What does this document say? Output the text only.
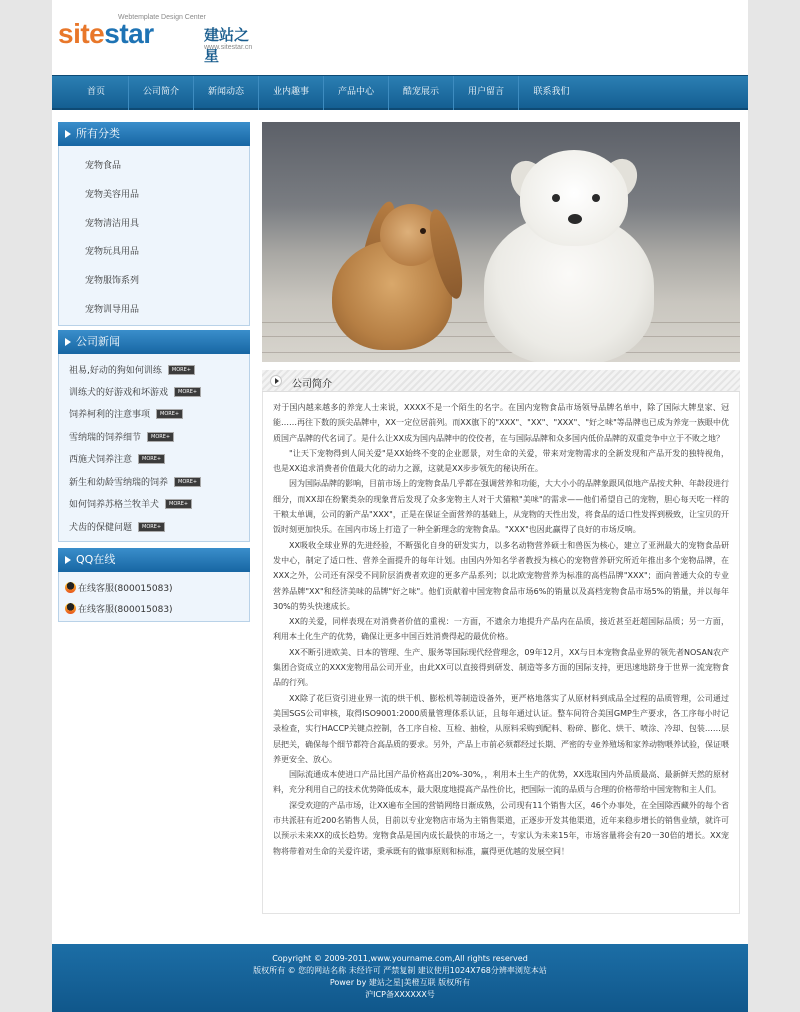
Webtemplate Design Center
sitestar	建站之星
www.sitestar.cn
首页	公司简介	新闻动态	业内趣事	产品中心	酷宠展示	用户留言	联系我们
所有分类
宠物食品
宠物美容用品
宠物清洁用具
宠物玩具用品
宠物服饰系列
宠物训导用品
公司新闻
祖易,好动的狗如何训练	MORE+
训练犬的好游戏和坏游戏	MORE+
饲养柯利的注意事项	MORE+
雪纳瑞的饲养细节	MORE+
西施犬饲养注意	MORE+
新生和幼龄雪纳瑞的饲养	MORE+
如何饲养苏格兰牧羊犬	MORE+
犬齿的保健问题	MORE+
QQ在线
在线客服(800015083)
在线客服(800015083)
公司简介

对于国内越来越多的养宠人士来说，XXXX不是一个陌生的名字。在国内宠物食品市场领导品牌名单中，除了国际大牌皇家、冠能……再往下数的顶尖品牌中，XX一定位居前列。而XX旗下的"XXX"、"XX"、"XXX"、"好之味"等品牌也已成为养宠一族眼中优质国产品牌的代名词了。是什么让XX成为国内品牌中的佼佼者，在与国际品牌和众多国内低价品牌的双重竞争中立于不败之地？

"让天下宠物得到人间关爱"是XX始终不变的企业愿景，对生命的关爱，带来对宠物需求的全新发现和产品开发的独特视角，也是XX追求消费者价值最大化的动力之源，这就是XX步步领先的秘诀所在。

因为国际品牌的影响，目前市场上的宠物食品几乎都在强调营养和功能，大大小小的品牌象跟风似地产品按犬种、年龄段进行细分，而XX却在纷繁类杂的现象背后发现了众多宠物主人对于犬猫粮"美味"的需求——他们希望自己的宠物，胆心每天吃一样的干粮太单调，公司的新产品"XXX"，正是在保证全面营养的基础上，从宠物的天性出发，将食品的适口性发挥到极致，让宝贝的开饭时刻更加快乐。在国内市场上打造了一种全新理念的宠物食品。"XXX"也因此赢得了良好的市场反响。

XX吸收全球业界的先进经验，不断强化自身的研发实力，以多名动物营养硕士和兽医为核心，建立了亚洲最大的宠物食品研发中心，制定了适口性、营养全面提升的每年计划。由国内外知名学者教授为核心的宠物营养研究所近年推出多个宠物品牌，在XXX之外，公司还有深受不同阶层消费者欢迎的更多产品系列；以北欧宠物营养为标准的高档品牌"XXX"；面向普通大众的专业营养品牌"XX"和经济美味的品牌"好之味"。他们贡献着中国宠物食品市场6%的销量以及高档宠物食品市场5%的销量，并以每年30%的势头快速成长。

XX的关爱，同样表现在对消费者价值的重视：一方面，不遗余力地提升产品内在品质，接近甚至赶超国际品质；另一方面，利用本土化生产的优势，确保让更多中国百姓消费得起的最优价格。

XX不断引进欧美、日本的管理、生产、服务等国际现代经营理念，09年12月，XX与日本宠物食品业界的领先者NOSAN农产集团合资成立的XXX宠物用品公司开业，由此XX可以直接得到研发、制造等多方面的国际支持，更迅速地跻身于世界一流宠物食品的行列。

XX除了花巨资引进业界一流的烘干机、膨松机等制造设备外，更严格地落实了从原材料到成品全过程的品质管理，公司通过美国SGS公司审核，取得ISO9001:2000质量管理体系认证，且每年通过认证。整车间符合美国GMP生产要求，各工序每小时记录检查，实行HACCP关键点控制，各工序自检、互检、抽检，从原料采购到配料、粉碎、膨化、烘干、喷涂、冷却、包装……层层把关，确保每个细节都符合高品质的要求。另外，产品上市前必须都经过长期、严密的专业养殖场和家养动物喂养试验，保证喂养更安全、放心。

国际流通成本使进口产品比国产品价格高出20%-30%，，利用本土生产的优势，XX选取国内外品质最高、最新鲜天然的原材料，充分利用自己的技术优势降低成本，最大限度地提高产品性价比，把国际一流的品质与合理的价格带给中国宠物和主人们。

深受欢迎的产品市场，让XX遍布全国的营销网络日渐成熟，公司现有11个销售大区，46个办事处，在全国除西藏外的每个省市共派驻有近200名销售人员，目前以专业宠物店市场为主销售渠道，正逐步开发其他渠道，近年来稳步增长的销售业绩，就许可以预示未来XX的成长趋势。宠物食品是国内成长最快的市场之一，专家认为未来15年，市场容量将会有20一30倍的增长。XX宠物将带着对生命的关爱许诺，秉承既有的做事原则和标准，赢得更优越的发展空间！

Copyright © 2009-2011,www.yourname.com,All rights reserved
版权所有 © 您的网站名称 未经许可 严禁复制 建议使用1024X768分辨率浏览本站
Power by 建站之星|美橙互联 版权所有
沪ICP备XXXXXX号
